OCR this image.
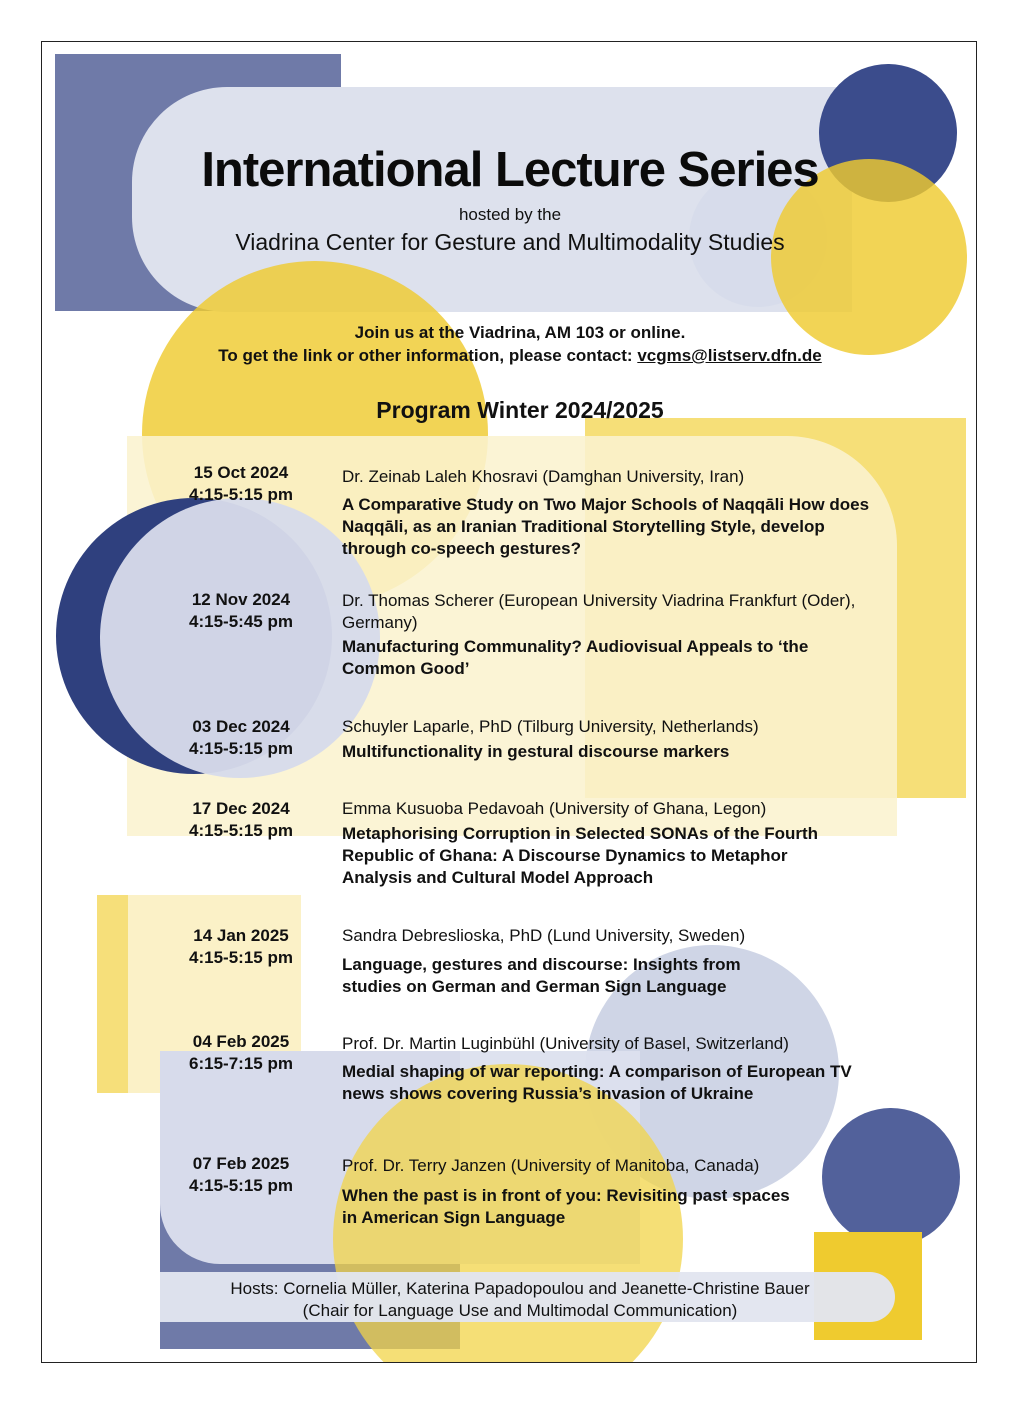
International Lecture Series
hosted by the
Viadrina Center for Gesture and Multimodality Studies
Join us at the Viadrina, AM 103 or online.
To get the link or other information, please contact: vcgms@listserv.dfn.de
Program Winter 2024/2025
15 Oct 2024
4:15-5:15 pm
Dr. Zeinab Laleh Khosravi (Damghan University, Iran)
A Comparative Study on Two Major Schools of Naqqāli How does Naqqāli, as an Iranian Traditional Storytelling Style, develop through co-speech gestures?
12 Nov 2024
4:15-5:45 pm
Dr. Thomas Scherer (European University Viadrina Frankfurt (Oder), Germany)
Manufacturing Communality? Audiovisual Appeals to ‘the Common Good’
03 Dec 2024
4:15-5:15 pm
Schuyler Laparle, PhD (Tilburg University, Netherlands)
Multifunctionality in gestural discourse markers
17 Dec 2024
4:15-5:15 pm
Emma Kusuoba Pedavoah (University of Ghana, Legon)
Metaphorising Corruption in Selected SONAs of the Fourth Republic of Ghana: A Discourse Dynamics to Metaphor Analysis and Cultural Model Approach
14 Jan 2025
4:15-5:15 pm
Sandra Debreslioska, PhD (Lund University, Sweden)
Language, gestures and discourse: Insights from studies on German and German Sign Language
04 Feb 2025
6:15-7:15 pm
Prof. Dr. Martin Luginbühl (University of Basel, Switzerland)
Medial shaping of war reporting: A comparison of European TV news shows covering Russia’s invasion of Ukraine
07 Feb 2025
4:15-5:15 pm
Prof. Dr. Terry Janzen (University of Manitoba, Canada)
When the past is in front of you: Revisiting past spaces in American Sign Language
Hosts: Cornelia Müller, Katerina Papadopoulou and Jeanette-Christine Bauer
(Chair for Language Use and Multimodal Communication)
